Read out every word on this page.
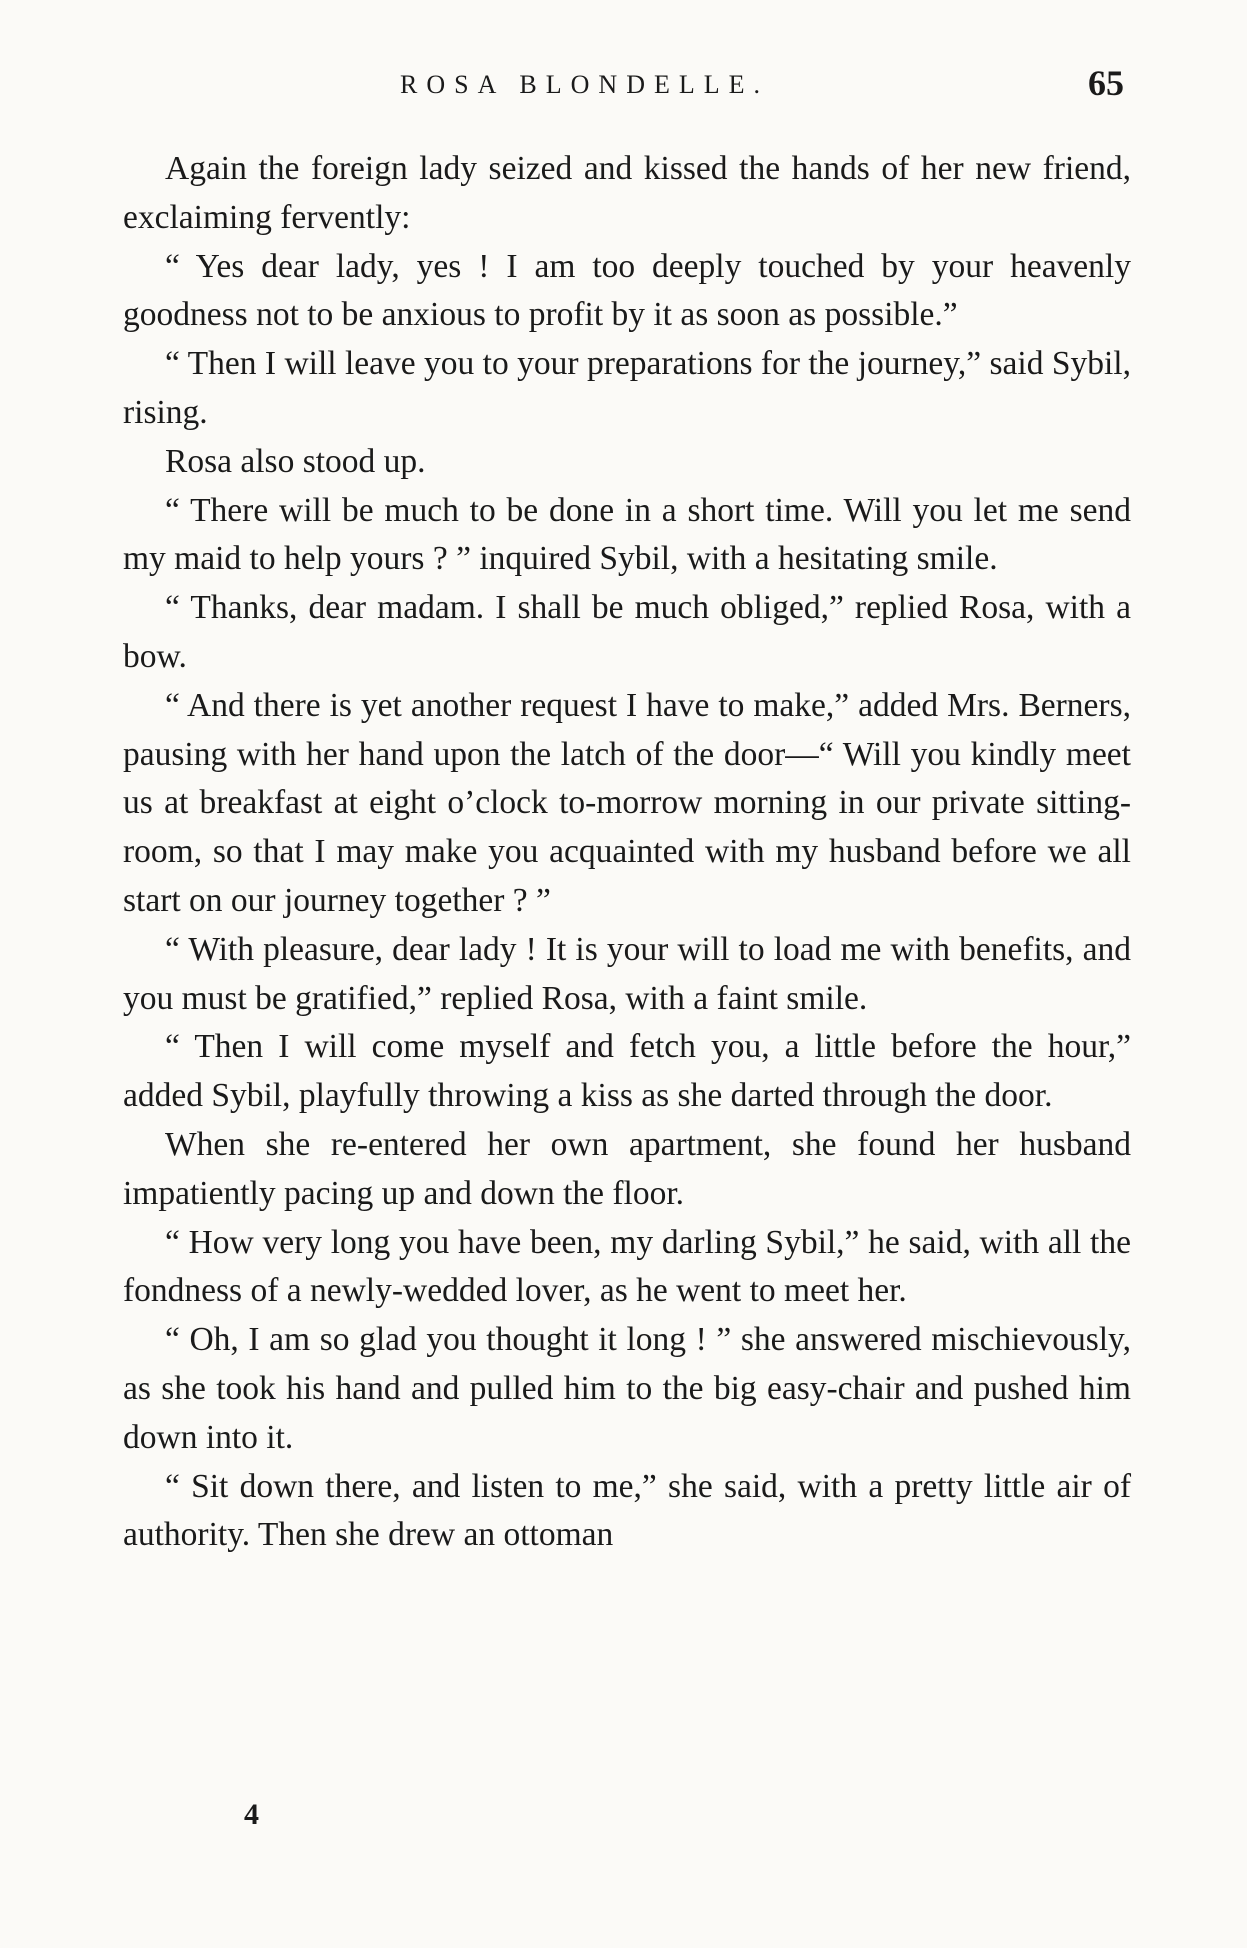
ROSA BLONDELLE.	65

Again the foreign lady seized and kissed the hands of her new friend, exclaiming fervently:

“ Yes dear lady, yes ! I am too deeply touched by your heavenly goodness not to be anxious to profit by it as soon as possible.”

“ Then I will leave you to your preparations for the journey,” said Sybil, rising.

Rosa also stood up.

“ There will be much to be done in a short time. Will you let me send my maid to help yours ? ” inquired Sybil, with a hesitating smile.

“ Thanks, dear madam. I shall be much obliged,” replied Rosa, with a bow.

“ And there is yet another request I have to make,” added Mrs. Berners, pausing with her hand upon the latch of the door—“ Will you kindly meet us at breakfast at eight o’clock to-morrow morning in our private sitting-room, so that I may make you acquainted with my husband before we all start on our journey together ? ”

“ With pleasure, dear lady ! It is your will to load me with benefits, and you must be gratified,” replied Rosa, with a faint smile.

“ Then I will come myself and fetch you, a little before the hour,” added Sybil, playfully throwing a kiss as she darted through the door.

When she re-entered her own apartment, she found her husband impatiently pacing up and down the floor.

“ How very long you have been, my darling Sybil,” he said, with all the fondness of a newly-wedded lover, as he went to meet her.

“ Oh, I am so glad you thought it long ! ” she answered mischievously, as she took his hand and pulled him to the big easy-chair and pushed him down into it.

“ Sit down there, and listen to me,” she said, with a pretty little air of authority. Then she drew an ottoman

4
